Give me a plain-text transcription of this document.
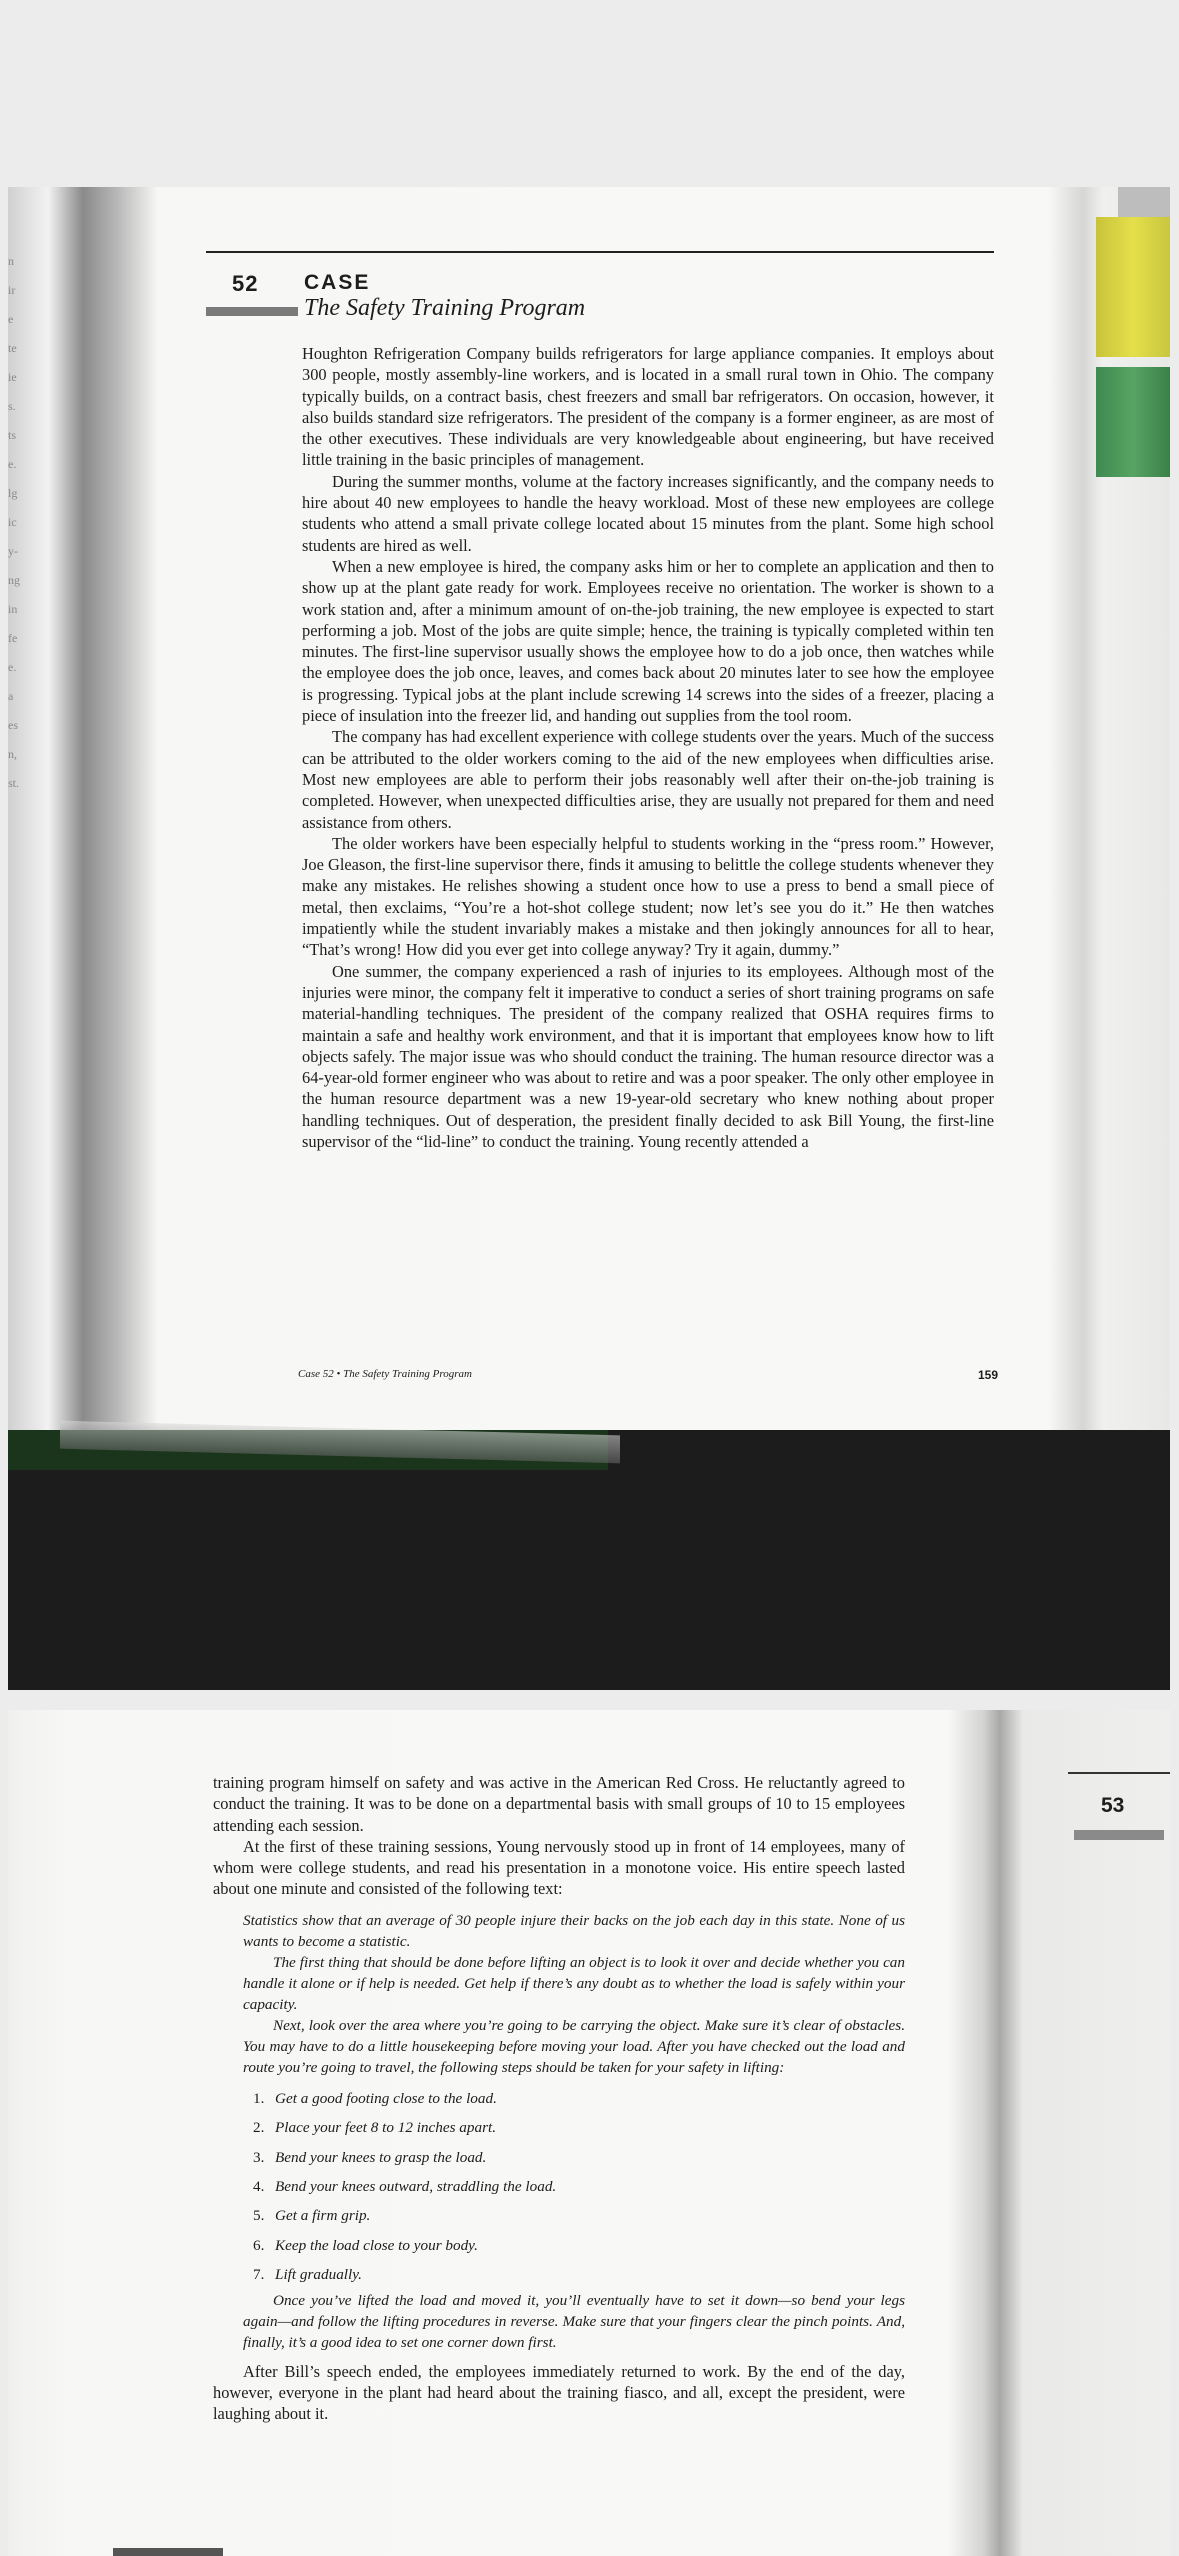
n
ir
e
te
ie
s.
ts
e.
lg
ic
y-
ng
in
fe
e.
a
es
n,
st.
52 CASE
The Safety Training Program

Houghton Refrigeration Company builds refrigerators for large appliance companies. It employs about 300 people, mostly assembly-line workers, and is located in a small rural town in Ohio. The company typically builds, on a contract basis, chest freezers and small bar refrigerators. On occasion, however, it also builds standard size refrigerators. The president of the company is a former engineer, as are most of the other executives. These individuals are very knowledgeable about engineering, but have received little training in the basic principles of management.

During the summer months, volume at the factory increases significantly, and the company needs to hire about 40 new employees to handle the heavy workload. Most of these new employees are college students who attend a small private college located about 15 minutes from the plant. Some high school students are hired as well.

When a new employee is hired, the company asks him or her to complete an application and then to show up at the plant gate ready for work. Employees receive no orientation. The worker is shown to a work station and, after a minimum amount of on-the-job training, the new employee is expected to start performing a job. Most of the jobs are quite simple; hence, the training is typically completed within ten minutes. The first-line supervisor usually shows the employee how to do a job once, then watches while the employee does the job once, leaves, and comes back about 20 minutes later to see how the employee is progressing. Typical jobs at the plant include screwing 14 screws into the sides of a freezer, placing a piece of insulation into the freezer lid, and handing out supplies from the tool room.

The company has had excellent experience with college students over the years. Much of the success can be attributed to the older workers coming to the aid of the new employees when difficulties arise. Most new employees are able to perform their jobs reasonably well after their on-the-job training is completed. However, when unexpected difficulties arise, they are usually not prepared for them and need assistance from others.

The older workers have been especially helpful to students working in the “press room.” However, Joe Gleason, the first-line supervisor there, finds it amusing to belittle the college students whenever they make any mistakes. He relishes showing a student once how to use a press to bend a small piece of metal, then exclaims, “You’re a hot-shot college student; now let’s see you do it.” He then watches impatiently while the student invariably makes a mistake and then jokingly announces for all to hear, “That’s wrong! How did you ever get into college anyway? Try it again, dummy.”

One summer, the company experienced a rash of injuries to its employees. Although most of the injuries were minor, the company felt it imperative to conduct a series of short training programs on safe material-handling techniques. The president of the company realized that OSHA requires firms to maintain a safe and healthy work environment, and that it is important that employees know how to lift objects safely. The major issue was who should conduct the training. The human resource director was a 64-year-old former engineer who was about to retire and was a poor speaker. The only other employee in the human resource department was a new 19-year-old secretary who knew nothing about proper handling techniques. Out of desperation, the president finally decided to ask Bill Young, the first-line supervisor of the “lid-line” to conduct the training. Young recently attended a

Case 52 • The Safety Training Program	159
53

training program himself on safety and was active in the American Red Cross. He reluctantly agreed to conduct the training. It was to be done on a departmental basis with small groups of 10 to 15 employees attending each session.

At the first of these training sessions, Young nervously stood up in front of 14 employees, many of whom were college students, and read his presentation in a monotone voice. His entire speech lasted about one minute and consisted of the following text:

Statistics show that an average of 30 people injure their backs on the job each day in this state. None of us wants to become a statistic.

The first thing that should be done before lifting an object is to look it over and decide whether you can handle it alone or if help is needed. Get help if there’s any doubt as to whether the load is safely within your capacity.

Next, look over the area where you’re going to be carrying the object. Make sure it’s clear of obstacles. You may have to do a little housekeeping before moving your load. After you have checked out the load and route you’re going to travel, the following steps should be taken for your safety in lifting:

1. Get a good footing close to the load.
2. Place your feet 8 to 12 inches apart.
3. Bend your knees to grasp the load.
4. Bend your knees outward, straddling the load.
5. Get a firm grip.
6. Keep the load close to your body.
7. Lift gradually.

Once you’ve lifted the load and moved it, you’ll eventually have to set it down—so bend your legs again—and follow the lifting procedures in reverse. Make sure that your fingers clear the pinch points. And, finally, it’s a good idea to set one corner down first.

After Bill’s speech ended, the employees immediately returned to work. By the end of the day, however, everyone in the plant had heard about the training fiasco, and all, except the president, were laughing about it.
